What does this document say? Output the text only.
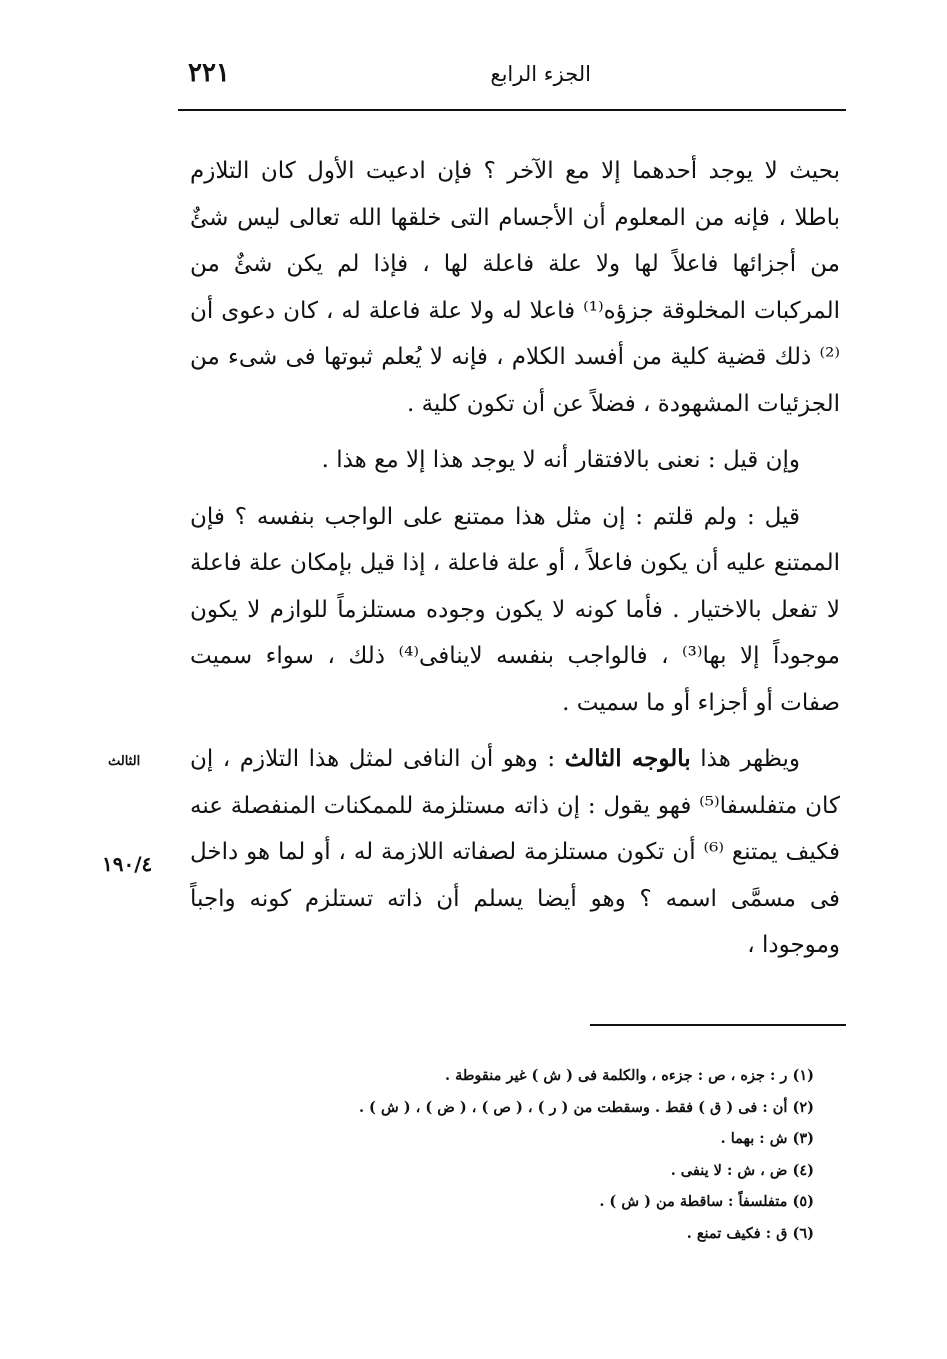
الجزء الرابع
٢٢١

بحيث لا يوجد أحدهما إلا مع الآخر ؟ فإن ادعيت الأول كان التلازم باطلا ، فإنه من المعلوم أن الأجسام التى خلقها الله تعالى ليس شئٌ من أجزائها فاعلاً لها ولا علة فاعلة لها ، فإذا لم يكن شئٌ من المركبات المخلوقة جزؤه⁽¹⁾ فاعلا له ولا علة فاعلة له ، كان دعوى أن ⁽²⁾ ذلك قضية كلية من أفسد الكلام ، فإنه لا يُعلم ثبوتها فى شىء من الجزئيات المشهودة ، فضلاً عن أن تكون كلية .

وإن قيل : نعنى بالافتقار أنه لا يوجد هذا إلا مع هذا .

قيل : ولم قلتم : إن مثل هذا ممتنع على الواجب بنفسه ؟ فإن الممتنع عليه أن يكون فاعلاً ، أو علة فاعلة ، إذا قيل بإمكان علة فاعلة لا تفعل بالاختيار . فأما كونه لا يكون وجوده مستلزماً للوازم لا يكون موجوداً إلا بها⁽³⁾ ، فالواجب بنفسه لاينافى⁽⁴⁾ ذلك ، سواء سميت صفات أو أجزاء أو ما سميت .

ويظهر هذا بالوجه الثالث : وهو أن النافى لمثل هذا التلازم ، إن كان متفلسفا⁽⁵⁾ فهو يقول : إن ذاته مستلزمة للممكنات المنفصلة عنه فكيف يمتنع ⁽⁶⁾ أن تكون مستلزمة لصفاته اللازمة له ، أو لما هو داخل فى مسمَّى اسمه ؟ وهو أيضا يسلم أن ذاته تستلزم كونه واجباً وموجودا ،

الثالث
١٩٠/٤
(١) ر : جزه ، ص : جزءه ، والكلمة فى ( ش ) غير منقوطة .
(٢) أن : فى ( ق ) فقط . وسقطت من ( ر ) ، ( ص ) ، ( ض ) ، ( ش ) .
(٣) ش : بهما .
(٤) ض ، ش : لا ينفى .
(٥) متفلسفاً : ساقطة من ( ش ) .
(٦) ق : فكيف تمنع .
